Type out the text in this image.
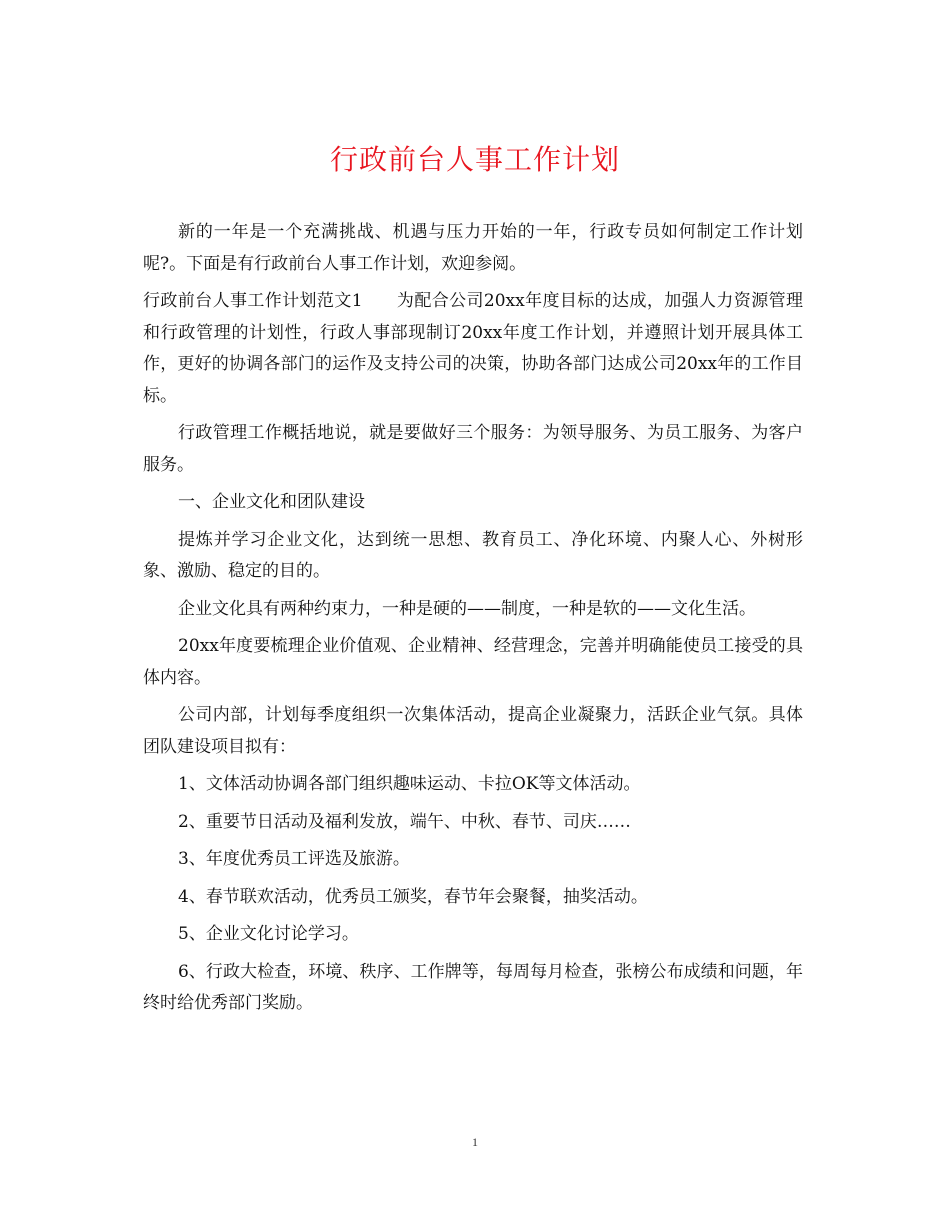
行政前台人事工作计划

新的一年是一个充满挑战、机遇与压力开始的一年，行政专员如何制定工作计划呢?。下面是有行政前台人事工作计划，欢迎参阅。

行政前台人事工作计划范文1 为配合公司20xx年度目标的达成，加强人力资源管理和行政管理的计划性，行政人事部现制订20xx年度工作计划，并遵照计划开展具体工作，更好的协调各部门的运作及支持公司的决策，协助各部门达成公司20xx年的工作目标。

行政管理工作概括地说，就是要做好三个服务：为领导服务、为员工服务、为客户服务。

一、企业文化和团队建设

提炼并学习企业文化，达到统一思想、教育员工、净化环境、内聚人心、外树形象、激励、稳定的目的。

企业文化具有两种约束力，一种是硬的——制度，一种是软的——文化生活。

20xx年度要梳理企业价值观、企业精神、经营理念，完善并明确能使员工接受的具体内容。

公司内部，计划每季度组织一次集体活动，提高企业凝聚力，活跃企业气氛。具体团队建设项目拟有：

1、文体活动协调各部门组织趣味运动、卡拉OK等文体活动。

2、重要节日活动及福利发放，端午、中秋、春节、司庆……

3、年度优秀员工评选及旅游。

4、春节联欢活动，优秀员工颁奖，春节年会聚餐，抽奖活动。

5、企业文化讨论学习。

6、行政大检查，环境、秩序、工作牌等，每周每月检查，张榜公布成绩和问题，年终时给优秀部门奖励。

1
